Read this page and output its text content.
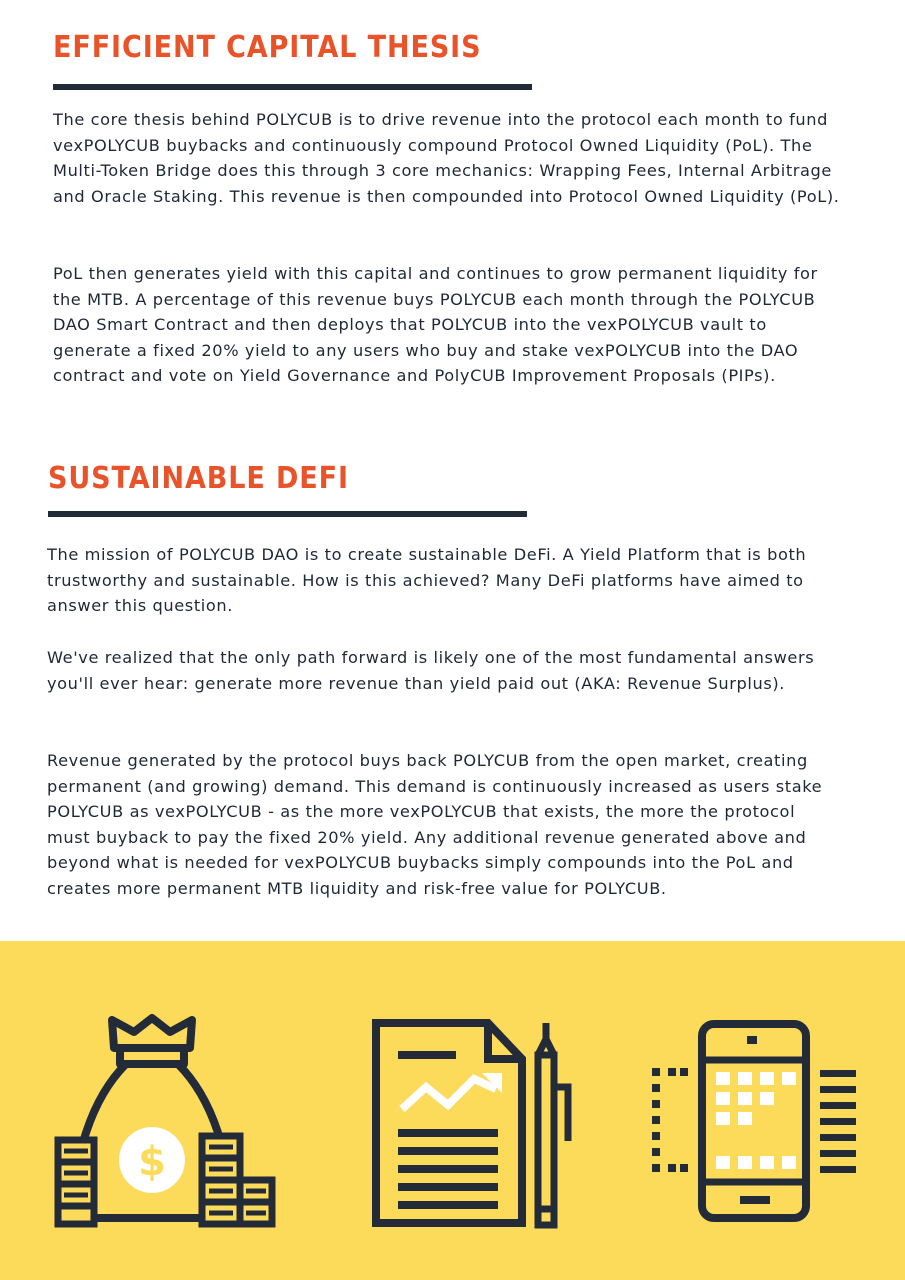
EFFICIENT CAPITAL THESIS

The core thesis behind POLYCUB is to drive revenue into the protocol each month to fund vexPOLYCUB buybacks and continuously compound Protocol Owned Liquidity (PoL). The Multi-Token Bridge does this through 3 core mechanics: Wrapping Fees, Internal Arbitrage and Oracle Staking. This revenue is then compounded into Protocol Owned Liquidity (PoL).

PoL then generates yield with this capital and continues to grow permanent liquidity for the MTB. A percentage of this revenue buys POLYCUB each month through the POLYCUB DAO Smart Contract and then deploys that POLYCUB into the vexPOLYCUB vault to generate a fixed 20% yield to any users who buy and stake vexPOLYCUB into the DAO contract and vote on Yield Governance and PolyCUB Improvement Proposals (PIPs).

SUSTAINABLE DEFI

The mission of POLYCUB DAO is to create sustainable DeFi. A Yield Platform that is both trustworthy and sustainable. How is this achieved? Many DeFi platforms have aimed to answer this question.

We've realized that the only path forward is likely one of the most fundamental answers you'll ever hear: generate more revenue than yield paid out (AKA: Revenue Surplus).

Revenue generated by the protocol buys back POLYCUB from the open market, creating permanent (and growing) demand. This demand is continuously increased as users stake POLYCUB as vexPOLYCUB - as the more vexPOLYCUB that exists, the more the protocol must buyback to pay the fixed 20% yield. Any additional revenue generated above and beyond what is needed for vexPOLYCUB buybacks simply compounds into the PoL and creates more permanent MTB liquidity and risk-free value for POLYCUB.

$
